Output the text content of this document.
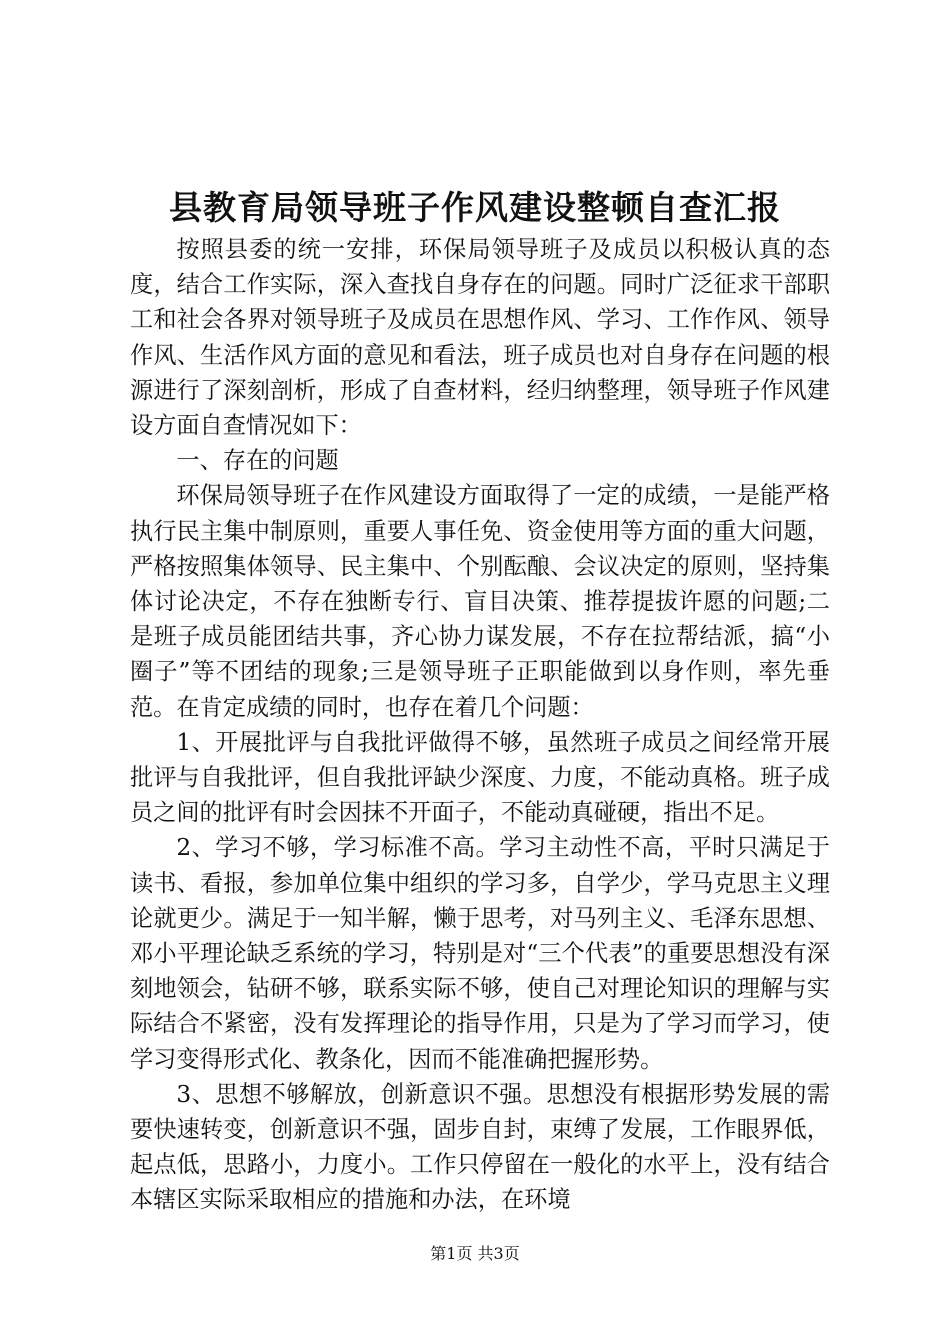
县教育局领导班子作风建设整顿自查汇报

按照县委的统一安排，环保局领导班子及成员以积极认真的态度，结合工作实际，深入查找自身存在的问题。同时广泛征求干部职工和社会各界对领导班子及成员在思想作风、学习、工作作风、领导作风、生活作风方面的意见和看法，班子成员也对自身存在问题的根源进行了深刻剖析，形成了自查材料，经归纳整理，领导班子作风建设方面自查情况如下：

一、存在的问题

环保局领导班子在作风建设方面取得了一定的成绩，一是能严格执行民主集中制原则，重要人事任免、资金使用等方面的重大问题，严格按照集体领导、民主集中、个别酝酿、会议决定的原则，坚持集体讨论决定，不存在独断专行、盲目决策、推荐提拔许愿的问题;二是班子成员能团结共事，齐心协力谋发展，不存在拉帮结派，搞“小圈子”等不团结的现象;三是领导班子正职能做到以身作则，率先垂范。在肯定成绩的同时，也存在着几个问题：

1、开展批评与自我批评做得不够，虽然班子成员之间经常开展批评与自我批评，但自我批评缺少深度、力度，不能动真格。班子成员之间的批评有时会因抹不开面子，不能动真碰硬，指出不足。

2、学习不够，学习标准不高。学习主动性不高，平时只满足于读书、看报，参加单位集中组织的学习多，自学少，学马克思主义理论就更少。满足于一知半解，懒于思考，对马列主义、毛泽东思想、邓小平理论缺乏系统的学习，特别是对“三个代表”的重要思想没有深刻地领会，钻研不够，联系实际不够，使自己对理论知识的理解与实际结合不紧密，没有发挥理论的指导作用，只是为了学习而学习，使学习变得形式化、教条化，因而不能准确把握形势。

3、思想不够解放，创新意识不强。思想没有根据形势发展的需要快速转变，创新意识不强，固步自封，束缚了发展，工作眼界低，起点低，思路小，力度小。工作只停留在一般化的水平上，没有结合本辖区实际采取相应的措施和办法，在环境

第1页 共3页
